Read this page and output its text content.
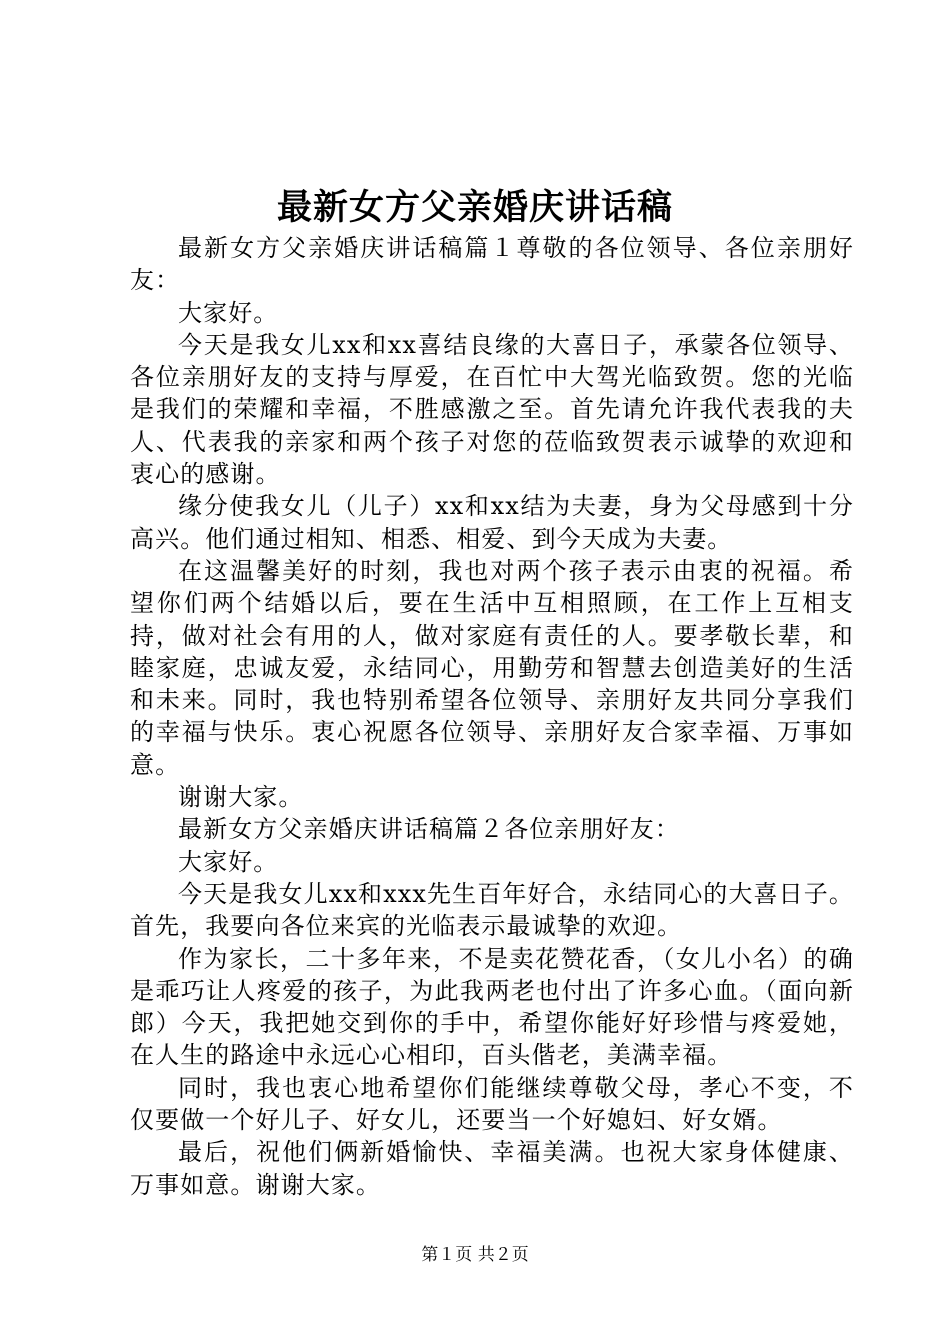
最新女方父亲婚庆讲话稿

最新女方父亲婚庆讲话稿篇１尊敬的各位领导、各位亲朋好友：

大家好。

今天是我女儿xx和xx喜结良缘的大喜日子，承蒙各位领导、各位亲朋好友的支持与厚爱，在百忙中大驾光临致贺。您的光临是我们的荣耀和幸福，不胜感激之至。首先请允许我代表我的夫人、代表我的亲家和两个孩子对您的莅临致贺表示诚挚的欢迎和衷心的感谢。

缘分使我女儿（儿子）xx和xx结为夫妻，身为父母感到十分高兴。他们通过相知、相悉、相爱、到今天成为夫妻。

在这温馨美好的时刻，我也对两个孩子表示由衷的祝福。希望你们两个结婚以后，要在生活中互相照顾，在工作上互相支持，做对社会有用的人，做对家庭有责任的人。要孝敬长辈，和睦家庭，忠诚友爱，永结同心，用勤劳和智慧去创造美好的生活和未来。同时，我也特别希望各位领导、亲朋好友共同分享我们的幸福与快乐。衷心祝愿各位领导、亲朋好友合家幸福、万事如意。

谢谢大家。

最新女方父亲婚庆讲话稿篇２各位亲朋好友：

大家好。

今天是我女儿xx和xxx先生百年好合，永结同心的大喜日子。首先，我要向各位来宾的光临表示最诚挚的欢迎。

作为家长，二十多年来，不是卖花赞花香，（女儿小名）的确是乖巧让人疼爱的孩子，为此我两老也付出了许多心血。（面向新郎）今天，我把她交到你的手中，希望你能好好珍惜与疼爱她，在人生的路途中永远心心相印，百头偕老，美满幸福。

同时，我也衷心地希望你们能继续尊敬父母，孝心不变，不仅要做一个好儿子、好女儿，还要当一个好媳妇、好女婿。

最后，祝他们俩新婚愉快、幸福美满。也祝大家身体健康、万事如意。谢谢大家。

第１页 共２页
